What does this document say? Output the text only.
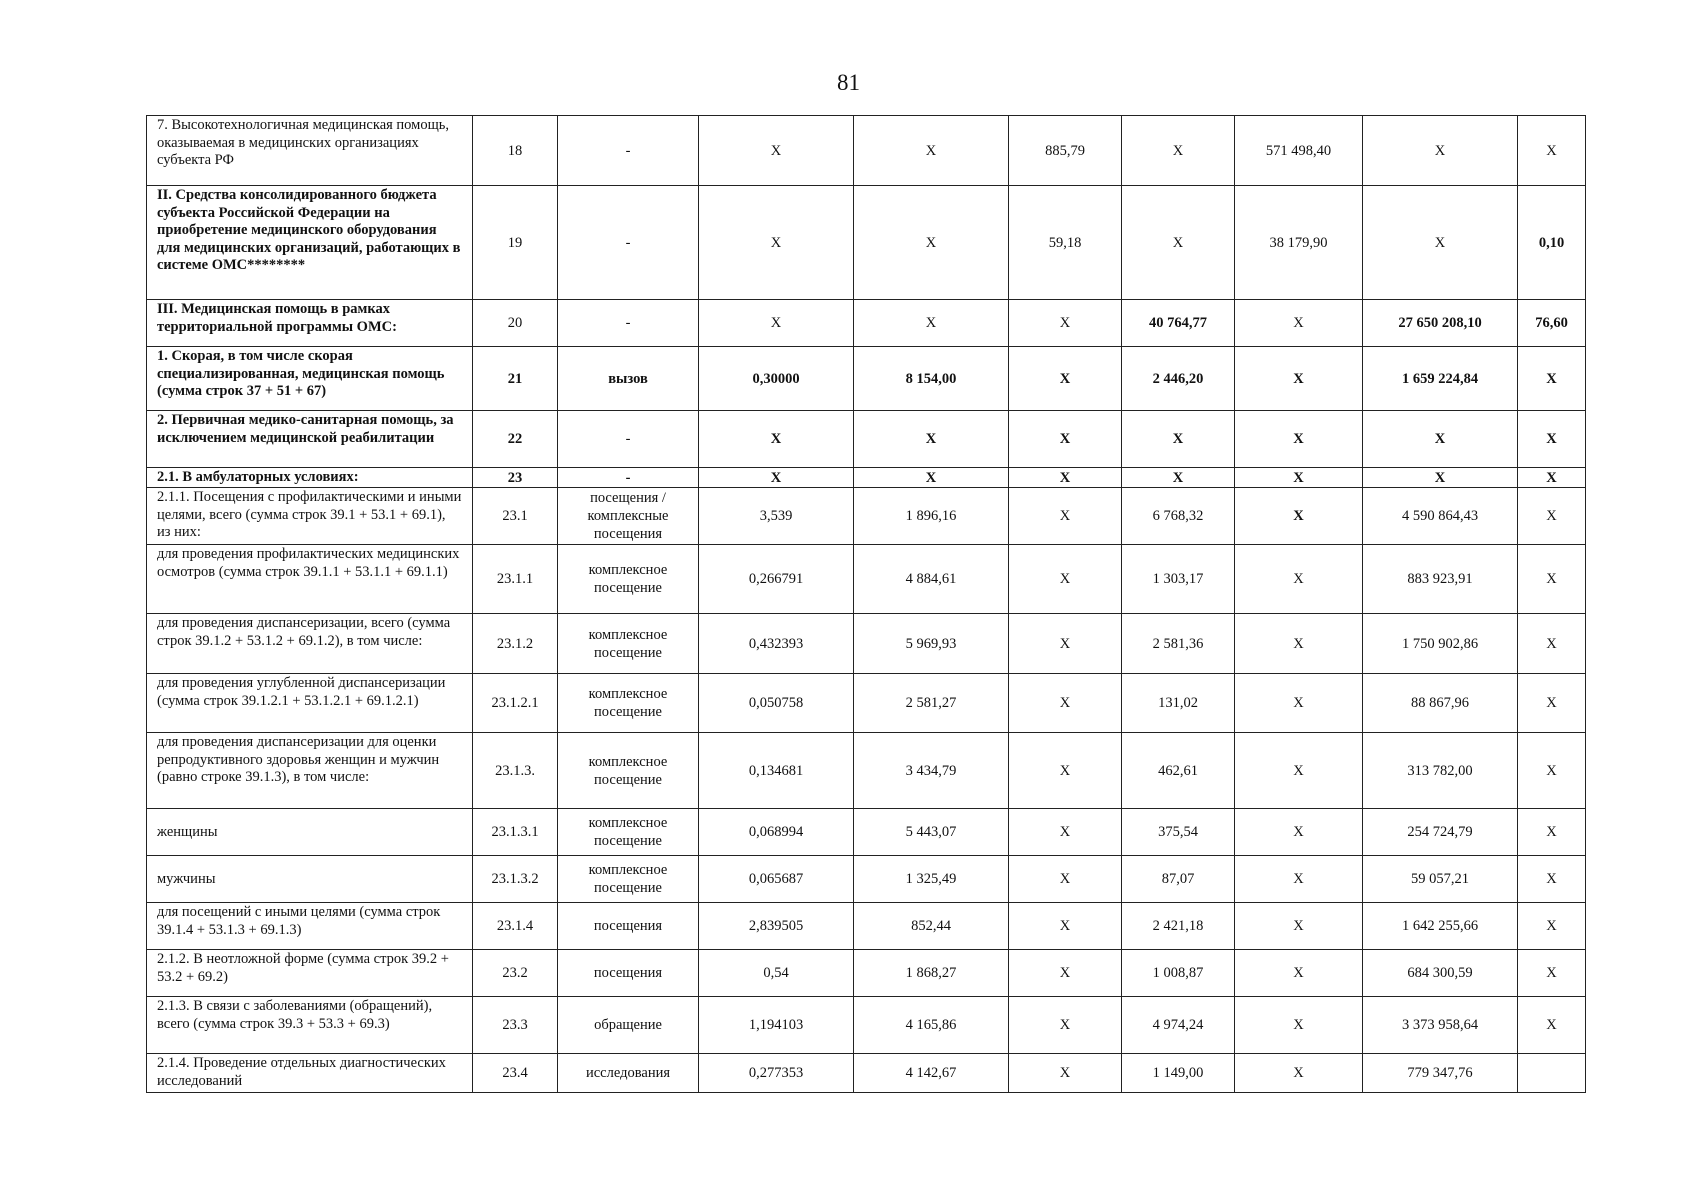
81
7. Высокотехнологичная медицинская помощь, оказываемая в медицинских организациях субъекта РФ	18	-	X	X	885,79	X	571 498,40	X	X
II. Средства консолидированного бюджета субъекта Российской Федерации на приобретение медицинского оборудования для медицинских организаций, работающих в системе ОМС********	19	-	X	X	59,18	X	38 179,90	X	0,10
III. Медицинская помощь в рамках территориальной программы ОМС:	20	-	X	X	X	40 764,77	X	27 650 208,10	76,60
1. Скорая, в том числе скорая специализированная, медицинская помощь (сумма строк 37 + 51 + 67)	21	вызов	0,30000	8 154,00	X	2 446,20	X	1 659 224,84	X
2. Первичная медико-санитарная помощь, за исключением медицинской реабилитации	22	-	X	X	X	X	X	X	X
2.1. В амбулаторных условиях:	23	-	X	X	X	X	X	X	X
2.1.1. Посещения с профилактическими и иными целями, всего (сумма строк 39.1 + 53.1 + 69.1), из них:	23.1	посещения / комплексные посещения	3,539	1 896,16	X	6 768,32	X	4 590 864,43	X
для проведения профилактических медицинских осмотров (сумма строк 39.1.1 + 53.1.1 + 69.1.1)	23.1.1	комплексное посещение	0,266791	4 884,61	X	1 303,17	X	883 923,91	X
для проведения диспансеризации, всего (сумма строк 39.1.2 + 53.1.2 + 69.1.2), в том числе:	23.1.2	комплексное посещение	0,432393	5 969,93	X	2 581,36	X	1 750 902,86	X
для проведения углубленной диспансеризации (сумма строк 39.1.2.1 + 53.1.2.1 + 69.1.2.1)	23.1.2.1	комплексное посещение	0,050758	2 581,27	X	131,02	X	88 867,96	X
для проведения диспансеризации для оценки репродуктивного здоровья женщин и мужчин (равно строке 39.1.3), в том числе:	23.1.3.	комплексное посещение	0,134681	3 434,79	X	462,61	X	313 782,00	X
женщины	23.1.3.1	комплексное посещение	0,068994	5 443,07	X	375,54	X	254 724,79	X
мужчины	23.1.3.2	комплексное посещение	0,065687	1 325,49	X	87,07	X	59 057,21	X
для посещений с иными целями (сумма строк 39.1.4 + 53.1.3 + 69.1.3)	23.1.4	посещения	2,839505	852,44	X	2 421,18	X	1 642 255,66	X
2.1.2. В неотложной форме (сумма строк 39.2 + 53.2 + 69.2)	23.2	посещения	0,54	1 868,27	X	1 008,87	X	684 300,59	X
2.1.3. В связи с заболеваниями (обращений), всего (сумма строк 39.3 + 53.3 + 69.3)	23.3	обращение	1,194103	4 165,86	X	4 974,24	X	3 373 958,64	X
2.1.4. Проведение отдельных диагностических исследований	23.4	исследования	0,277353	4 142,67	X	1 149,00	X	779 347,76	
